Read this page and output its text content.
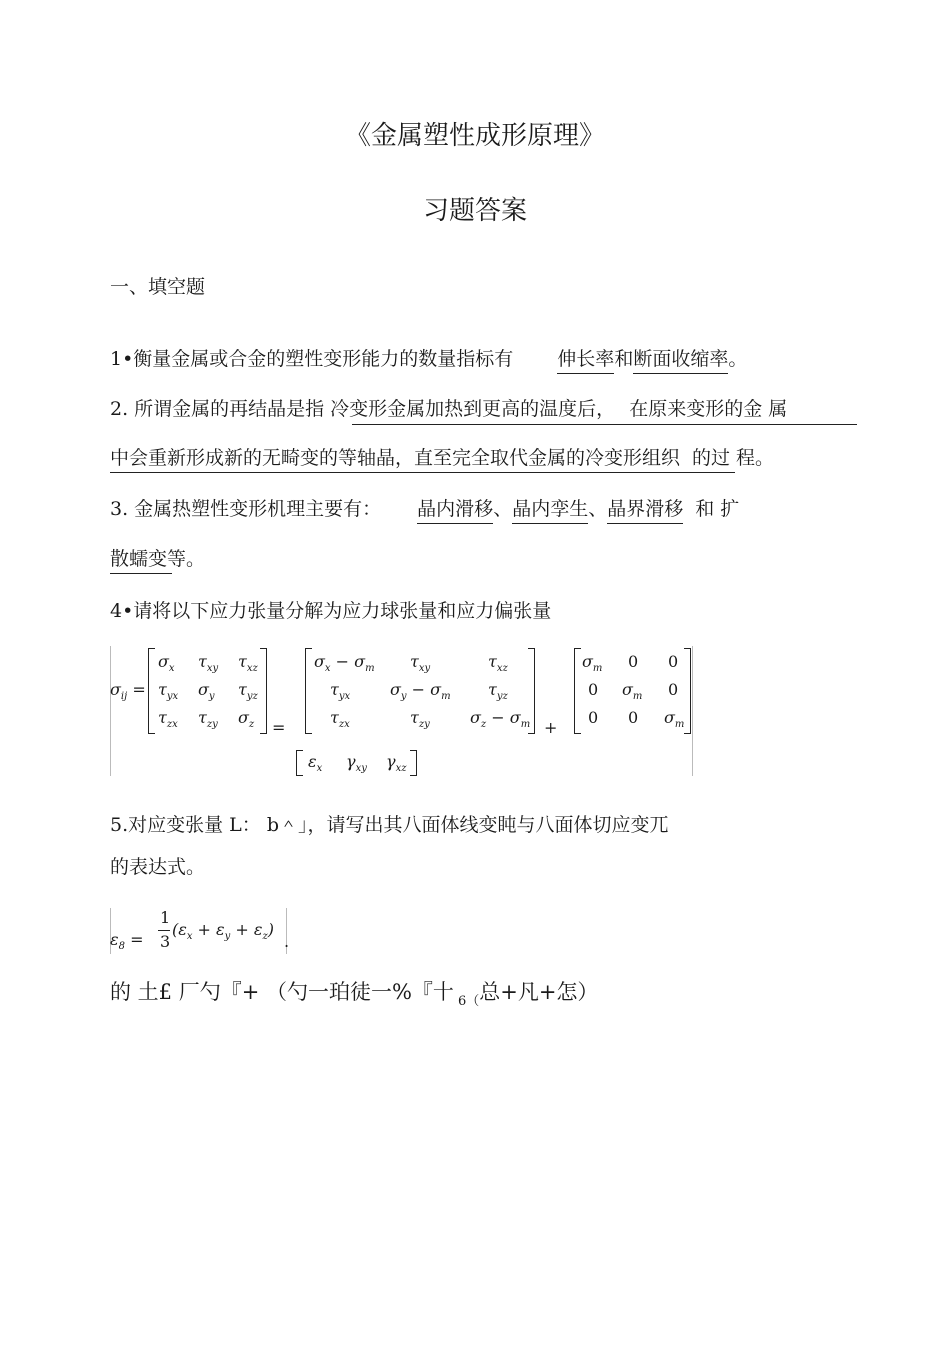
《金属塑性成形原理》
习题答案
一、填空题
1•衡量金属或合金的塑性变形能力的数量指标有 伸长率和断面收缩率。
2. 所谓金属的再结晶是指 冷变形金属加热到更高的温度后， 在原来变形的金 属
中会重新形成新的无畸变的等轴晶，直至完全取代金属的冷变形组织 的过 程。
3. 金属热塑性变形机理主要有： 晶内滑移、晶内孪生、晶界滑移 和 扩
散蠕变等。
4•请将以下应力张量分解为应力球张量和应力偏张量
$\sigma_{ij}$ =
$\sigma_x$ $\tau_{xy}$ $\tau_{xz}$
$\tau_{yx}$ $\sigma_y$ $\tau_{yz}$
$\tau_{zx}$ $\tau_{zy}$ $\sigma_z$ =
$\sigma_x - \sigma_m$ $\tau_{xy}$	$\tau_{xz}$
$\tau_{yx}$ $\sigma_y - \sigma_m$ $\tau_{yz}$
$\tau_{zx}$	$\tau_{zy}$	$\sigma_z - \sigma_m$ +
$\sigma_m$ 0 0
0 $\sigma_m$ 0
0 0 $\sigma_m$
$\varepsilon_x$ $\gamma_{xy}$ $\gamma_{xz}$
5.对应变张量 L： b＾」，请写出其八面体线变盹与八面体切应变兀
的表达式。
$\varepsilon_8$ =
1
3
$(\varepsilon_x + \varepsilon_y + \varepsilon_z)$
.
的 土£ 厂勺『+ （勺一珀徒一%『十 $_{6(}$总+凡+怎）
